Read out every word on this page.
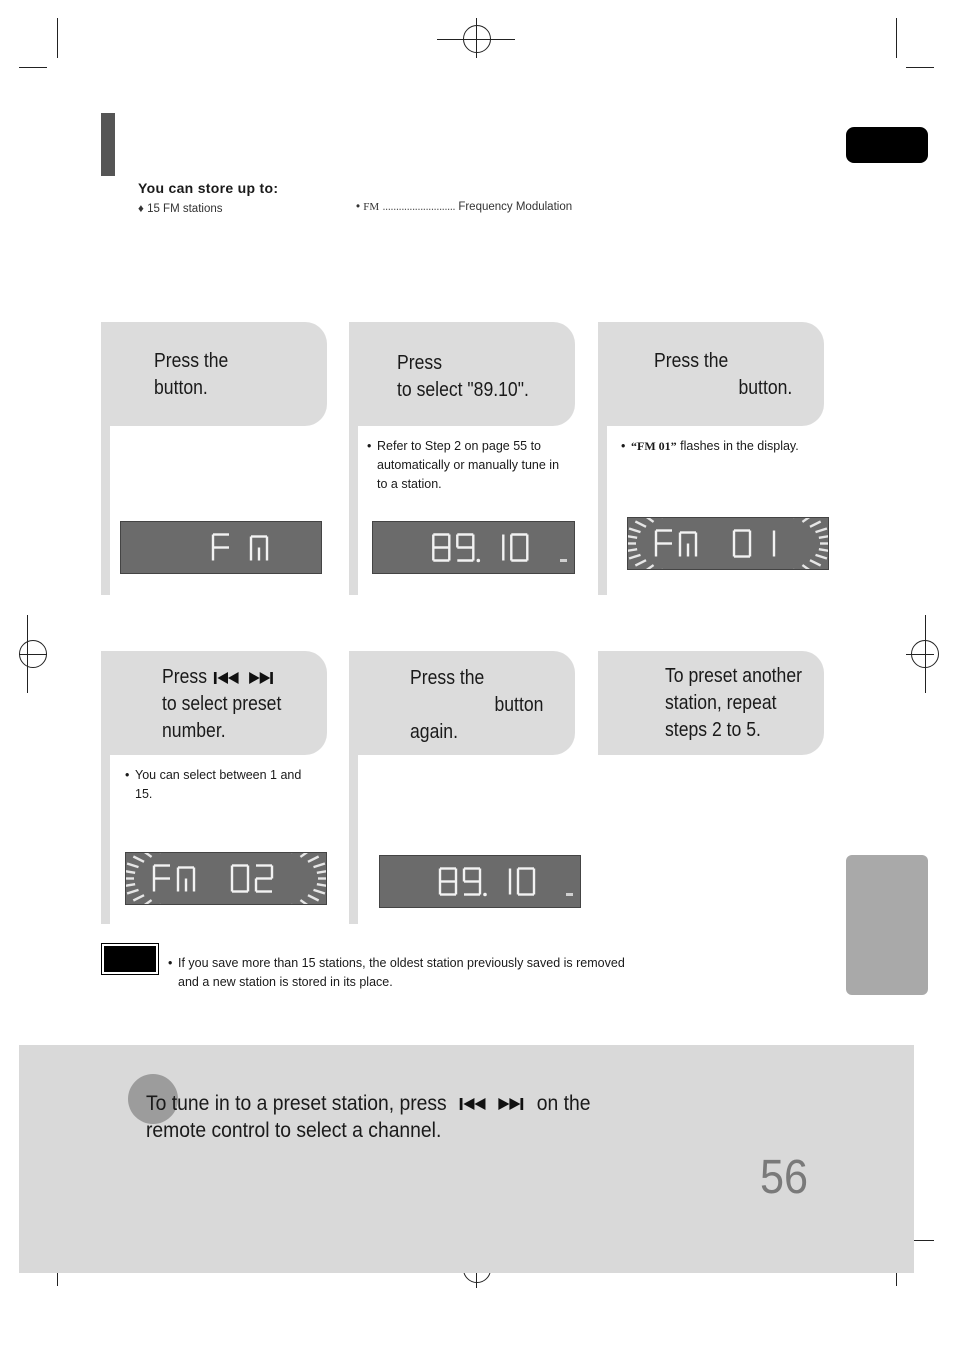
You can store up to:
♦ 15 FM stations	• FM ........................... Frequency Modulation
Press the
button.
Press
to select "89.10".
• Refer to Step 2 on page 55 to
automatically or manually tune in
to a station.
Press the
button.
• “FM 01” flashes in the display.
Press
to select preset
number.
• You can select between 1 and
15.
Press the
button
again.
To preset another
station, repeat
steps 2 to 5.
• If you save more than 15 stations, the oldest station previously saved is removed
and a new station is stored in its place.
To tune in to a preset station, press	on the
remote control to select a channel.
56
